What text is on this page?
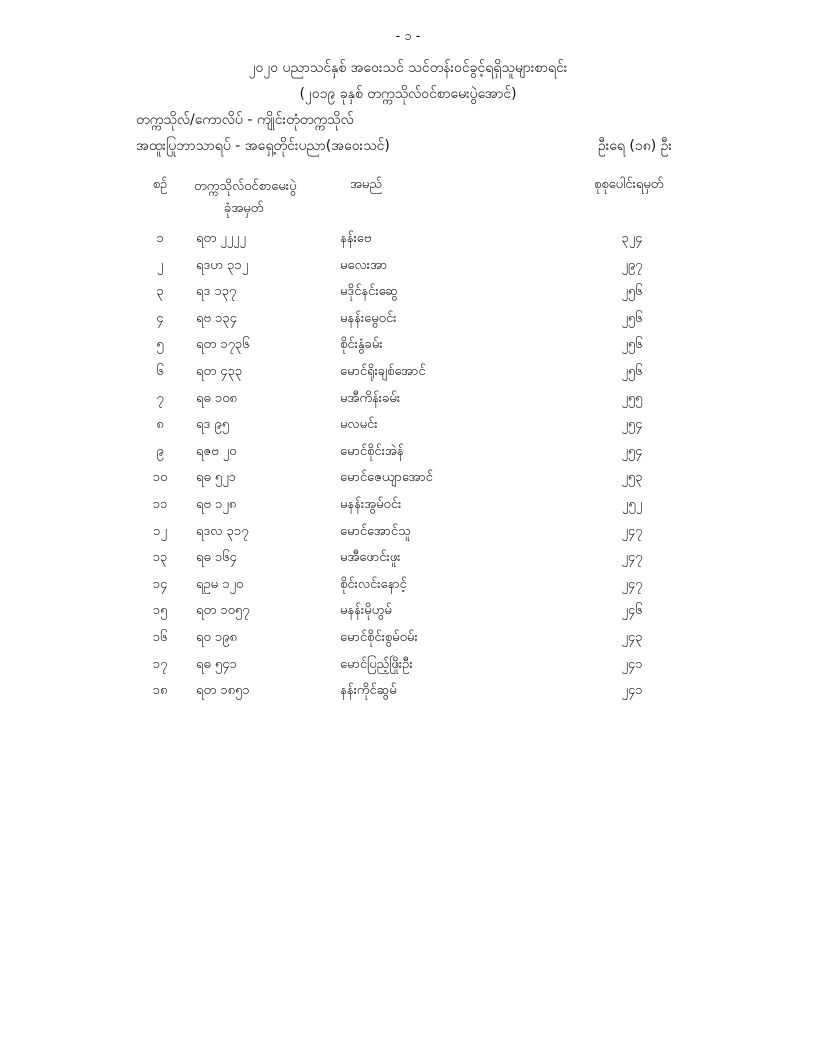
- ၁ -
၂၀၂၀ ပညာသင်နှစ် အဝေးသင် သင်တန်းဝင်ခွင့်ရရှိသူများစာရင်း
(၂၀၁၉ ခုနှစ် တက္ကသိုလ်ဝင်စာမေးပွဲအောင်)
တက္ကသိုလ်/ကောလိပ် - ကျိုင်းတုံတက္ကသိုလ်
အထူးပြုဘာသာရပ် - အရှေ့တိုင်းပညာ(အဝေးသင်)	ဦးရေ (၁၈) ဦး
စဉ်	တက္ကသိုလ်ဝင်စာမေးပွဲ
ခုံအမှတ်
အမည်	စုစုပေါင်းရမှတ်
၁	ရတ ၂၂၂၂	နန်းဗေ	၃၂၄
၂	ရဒဟ ၃၁၂	မလေးအာ	၂၉၇
၃	ရဒ ၁၃၇	မဒိုင်နင်းဆွေ	၂၅၆
၄	ရဗ ၁၃၄	မနန်းမွေဝင်း	၂၅၆
၅	ရတ ၁၇၃၆	စိုင်းနွံခမ်း	၂၅၆
၆	ရတ ၄၃၃	မောင်ရိုးချစ်အောင်	၂၅၆
၇	ရဓ ၁၀၈	မအီကိန်းခမ်း	၂၅၅
၈	ရဒ ၉၅	မလမင်း	၂၅၄
၉	ရဇဗ ၂၀	မောင်စိုင်းအဲန်	၂၅၄
၁၀	ရဓ ၅၂၁	မောင်ဇေယျာအောင်	၂၅၃
၁၁	ရဗ ၁၂၈	မနန်းအွမ်ဝင်း	၂၅၂
၁၂	ရဒလ ၃၁၇	မောင်အောင်သူ	၂၄၇
၁၃	ရဓ ၁၆၄	မအီဖောင်းဖူး	၂၄၇
၁၄	ရဥမ ၁၂၀	စိုင်းလင်းနောင့်	၂၄၇
၁၅	ရတ ၁၀၅၇	မနန်းမိုဟွမ်	၂၄၆
၁၆	ရဝ ၁၉၈	မောင်စိုင်းစွမ်ဝမ်း	၂၄၃
၁၇	ရဓ ၅၄၁	မောင်ပြည့်ဖြိုးဦး	၂၄၁
၁၈	ရတ ၁၈၅၁	နန်းကိုင်ဆွမ်	၂၄၁
